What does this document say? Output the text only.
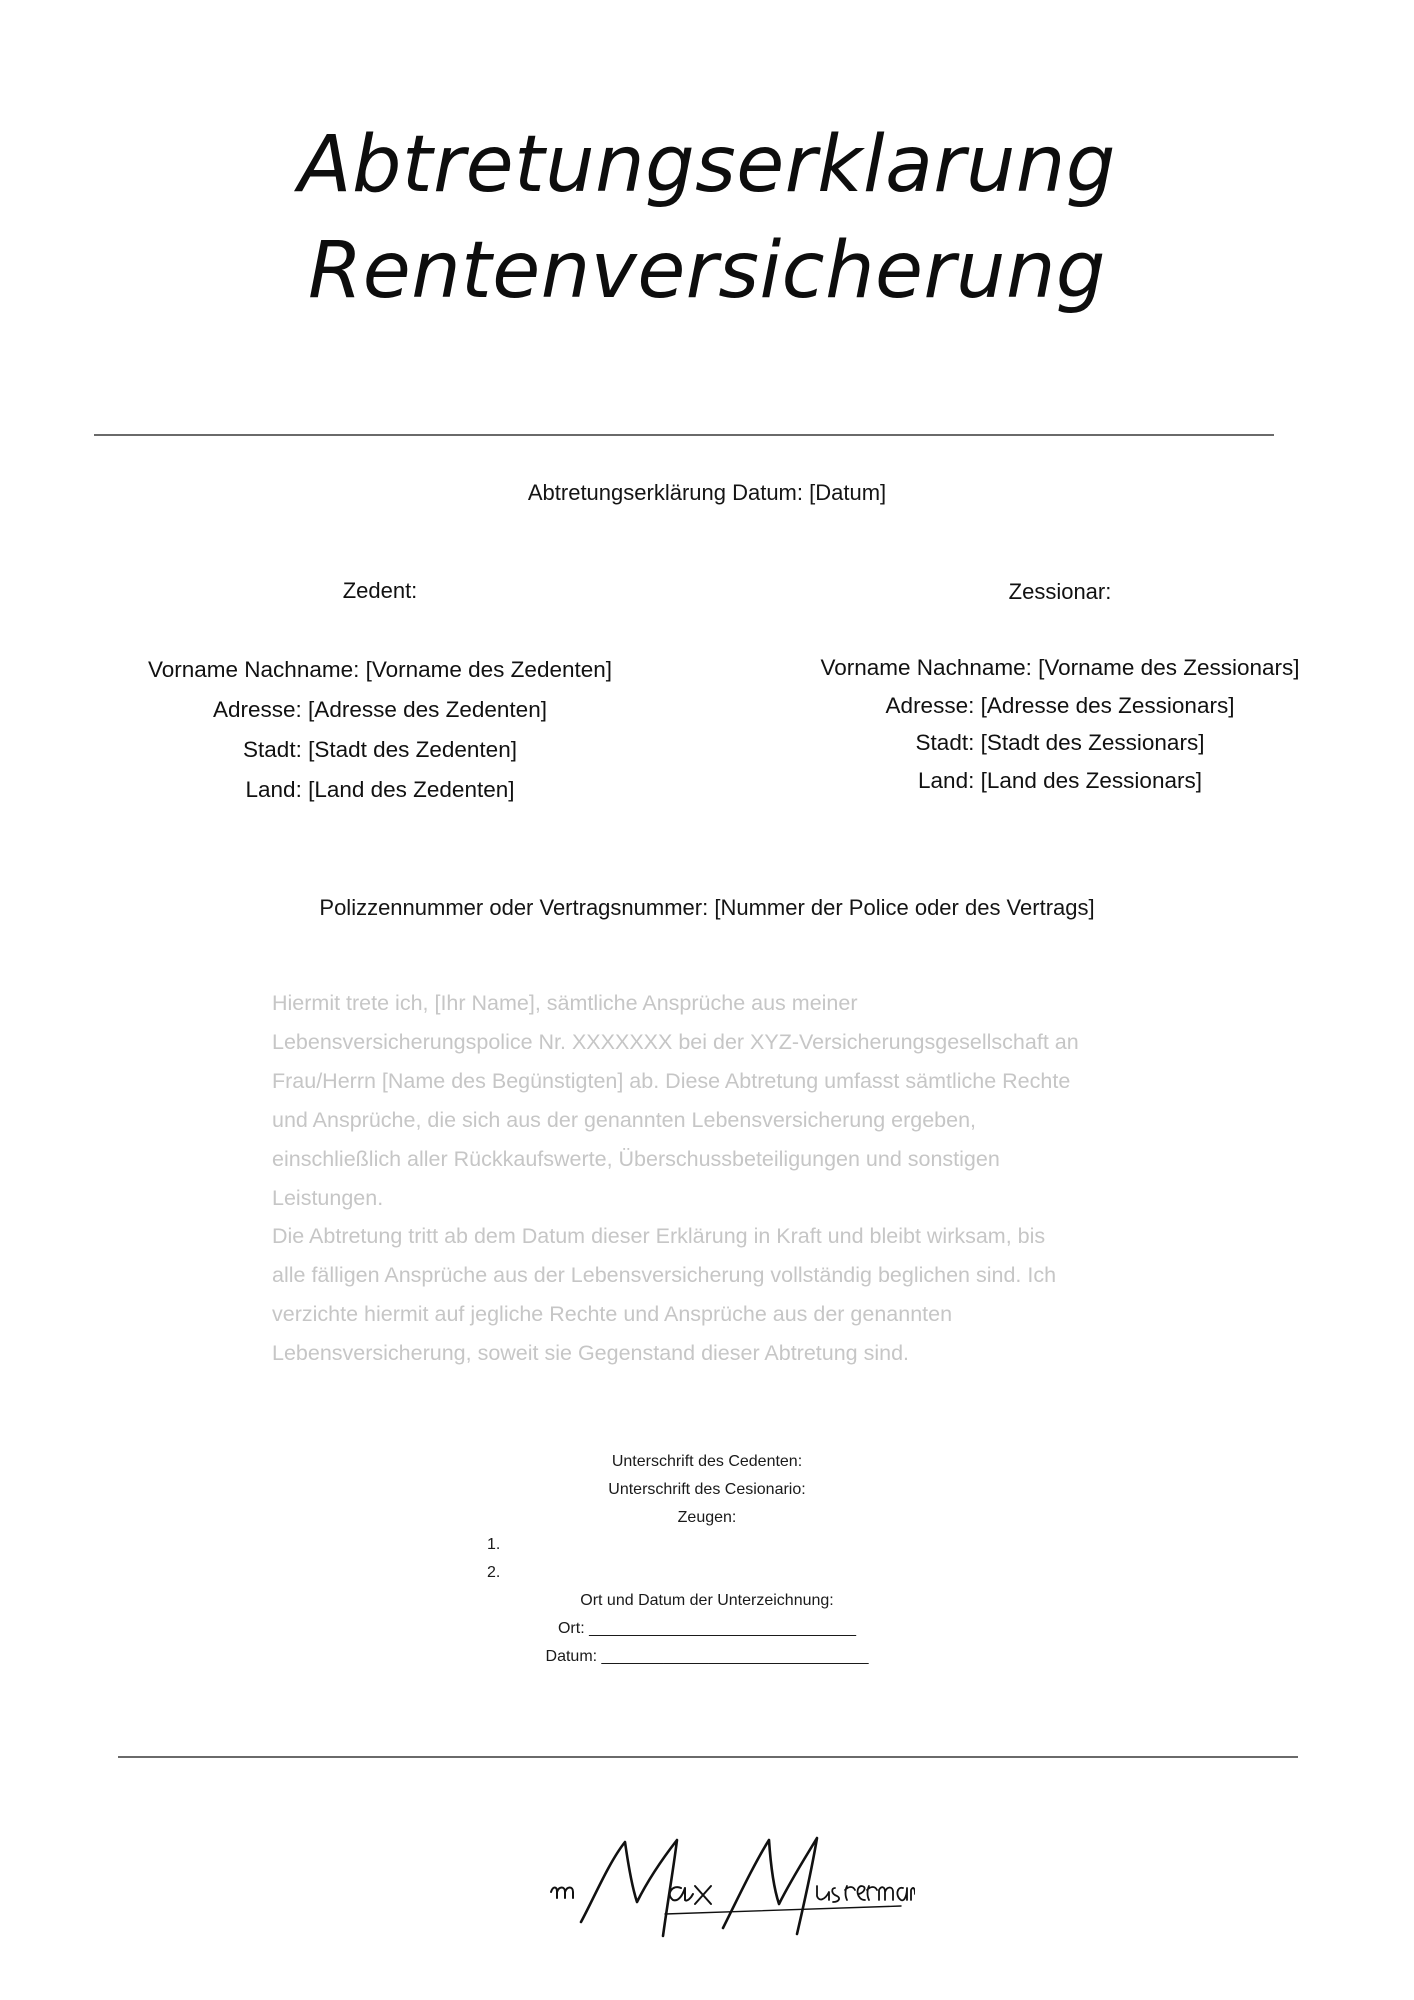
Abtretungserklarung
Rentenversicherung
Abtretungserklärung Datum: [Datum]
Zedent:
Vorname Nachname: [Vorname des Zedenten]
Adresse: [Adresse des Zedenten]
Stadt: [Stadt des Zedenten]
Land: [Land des Zedenten]
Zessionar:
Vorname Nachname: [Vorname des Zessionars]
Adresse: [Adresse des Zessionars]
Stadt: [Stadt des Zessionars]
Land: [Land des Zessionars]
Polizzennummer oder Vertragsnummer: [Nummer der Police oder des Vertrags]

Hiermit trete ich, [Ihr Name], sämtliche Ansprüche aus meiner
Lebensversicherungspolice Nr. XXXXXXX bei der XYZ-Versicherungsgesellschaft an
Frau/Herrn [Name des Begünstigten] ab. Diese Abtretung umfasst sämtliche Rechte
und Ansprüche, die sich aus der genannten Lebensversicherung ergeben,
einschließlich aller Rückkaufswerte, Überschussbeteiligungen und sonstigen
Leistungen.

Die Abtretung tritt ab dem Datum dieser Erklärung in Kraft und bleibt wirksam, bis
alle fälligen Ansprüche aus der Lebensversicherung vollständig beglichen sind. Ich
verzichte hiermit auf jegliche Rechte und Ansprüche aus der genannten
Lebensversicherung, soweit sie Gegenstand dieser Abtretung sind.

Unterschrift des Cedenten:
Unterschrift des Cesionario:
Zeugen:
1.
2.
Ort und Datum der Unterzeichnung:
Ort: ______________________________
Datum: ______________________________
